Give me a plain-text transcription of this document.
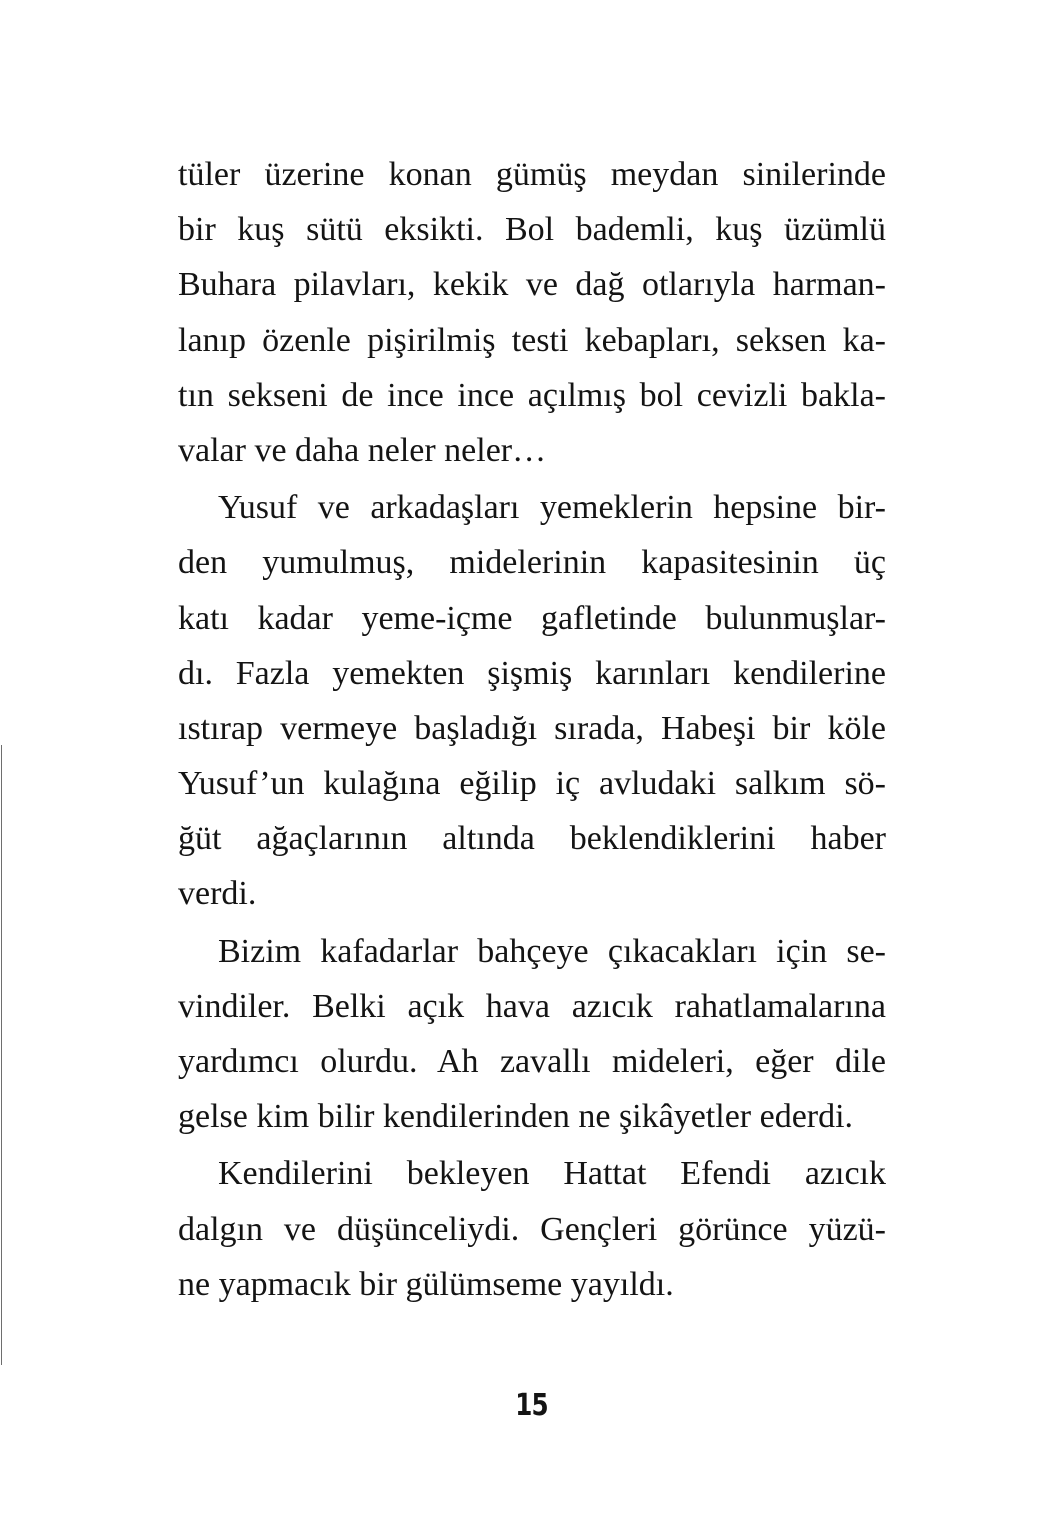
tüler üzerine konan gümüş meydan sinilerinde
bir kuş sütü eksikti. Bol bademli, kuş üzümlü
Buhara pilavları, kekik ve dağ otlarıyla harman-
lanıp özenle pişirilmiş testi kebapları, seksen ka-
tın sekseni de ince ince açılmış bol cevizli bakla-
valar ve daha neler neler…
Yusuf ve arkadaşları yemeklerin hepsine bir-
den yumulmuş, midelerinin kapasitesinin üç
katı kadar yeme-içme gafletinde bulunmuşlar-
dı. Fazla yemekten şişmiş karınları kendilerine
ıstırap vermeye başladığı sırada, Habeşi bir köle
Yusuf’un kulağına eğilip iç avludaki salkım sö-
ğüt ağaçlarının altında beklendiklerini haber
verdi.
Bizim kafadarlar bahçeye çıkacakları için se-
vindiler. Belki açık hava azıcık rahatlamalarına
yardımcı olurdu. Ah zavallı mideleri, eğer dile
gelse kim bilir kendilerinden ne şikâyetler ederdi.
Kendilerini bekleyen Hattat Efendi azıcık
dalgın ve düşünceliydi. Gençleri görünce yüzü-
ne yapmacık bir gülümseme yayıldı.
15
